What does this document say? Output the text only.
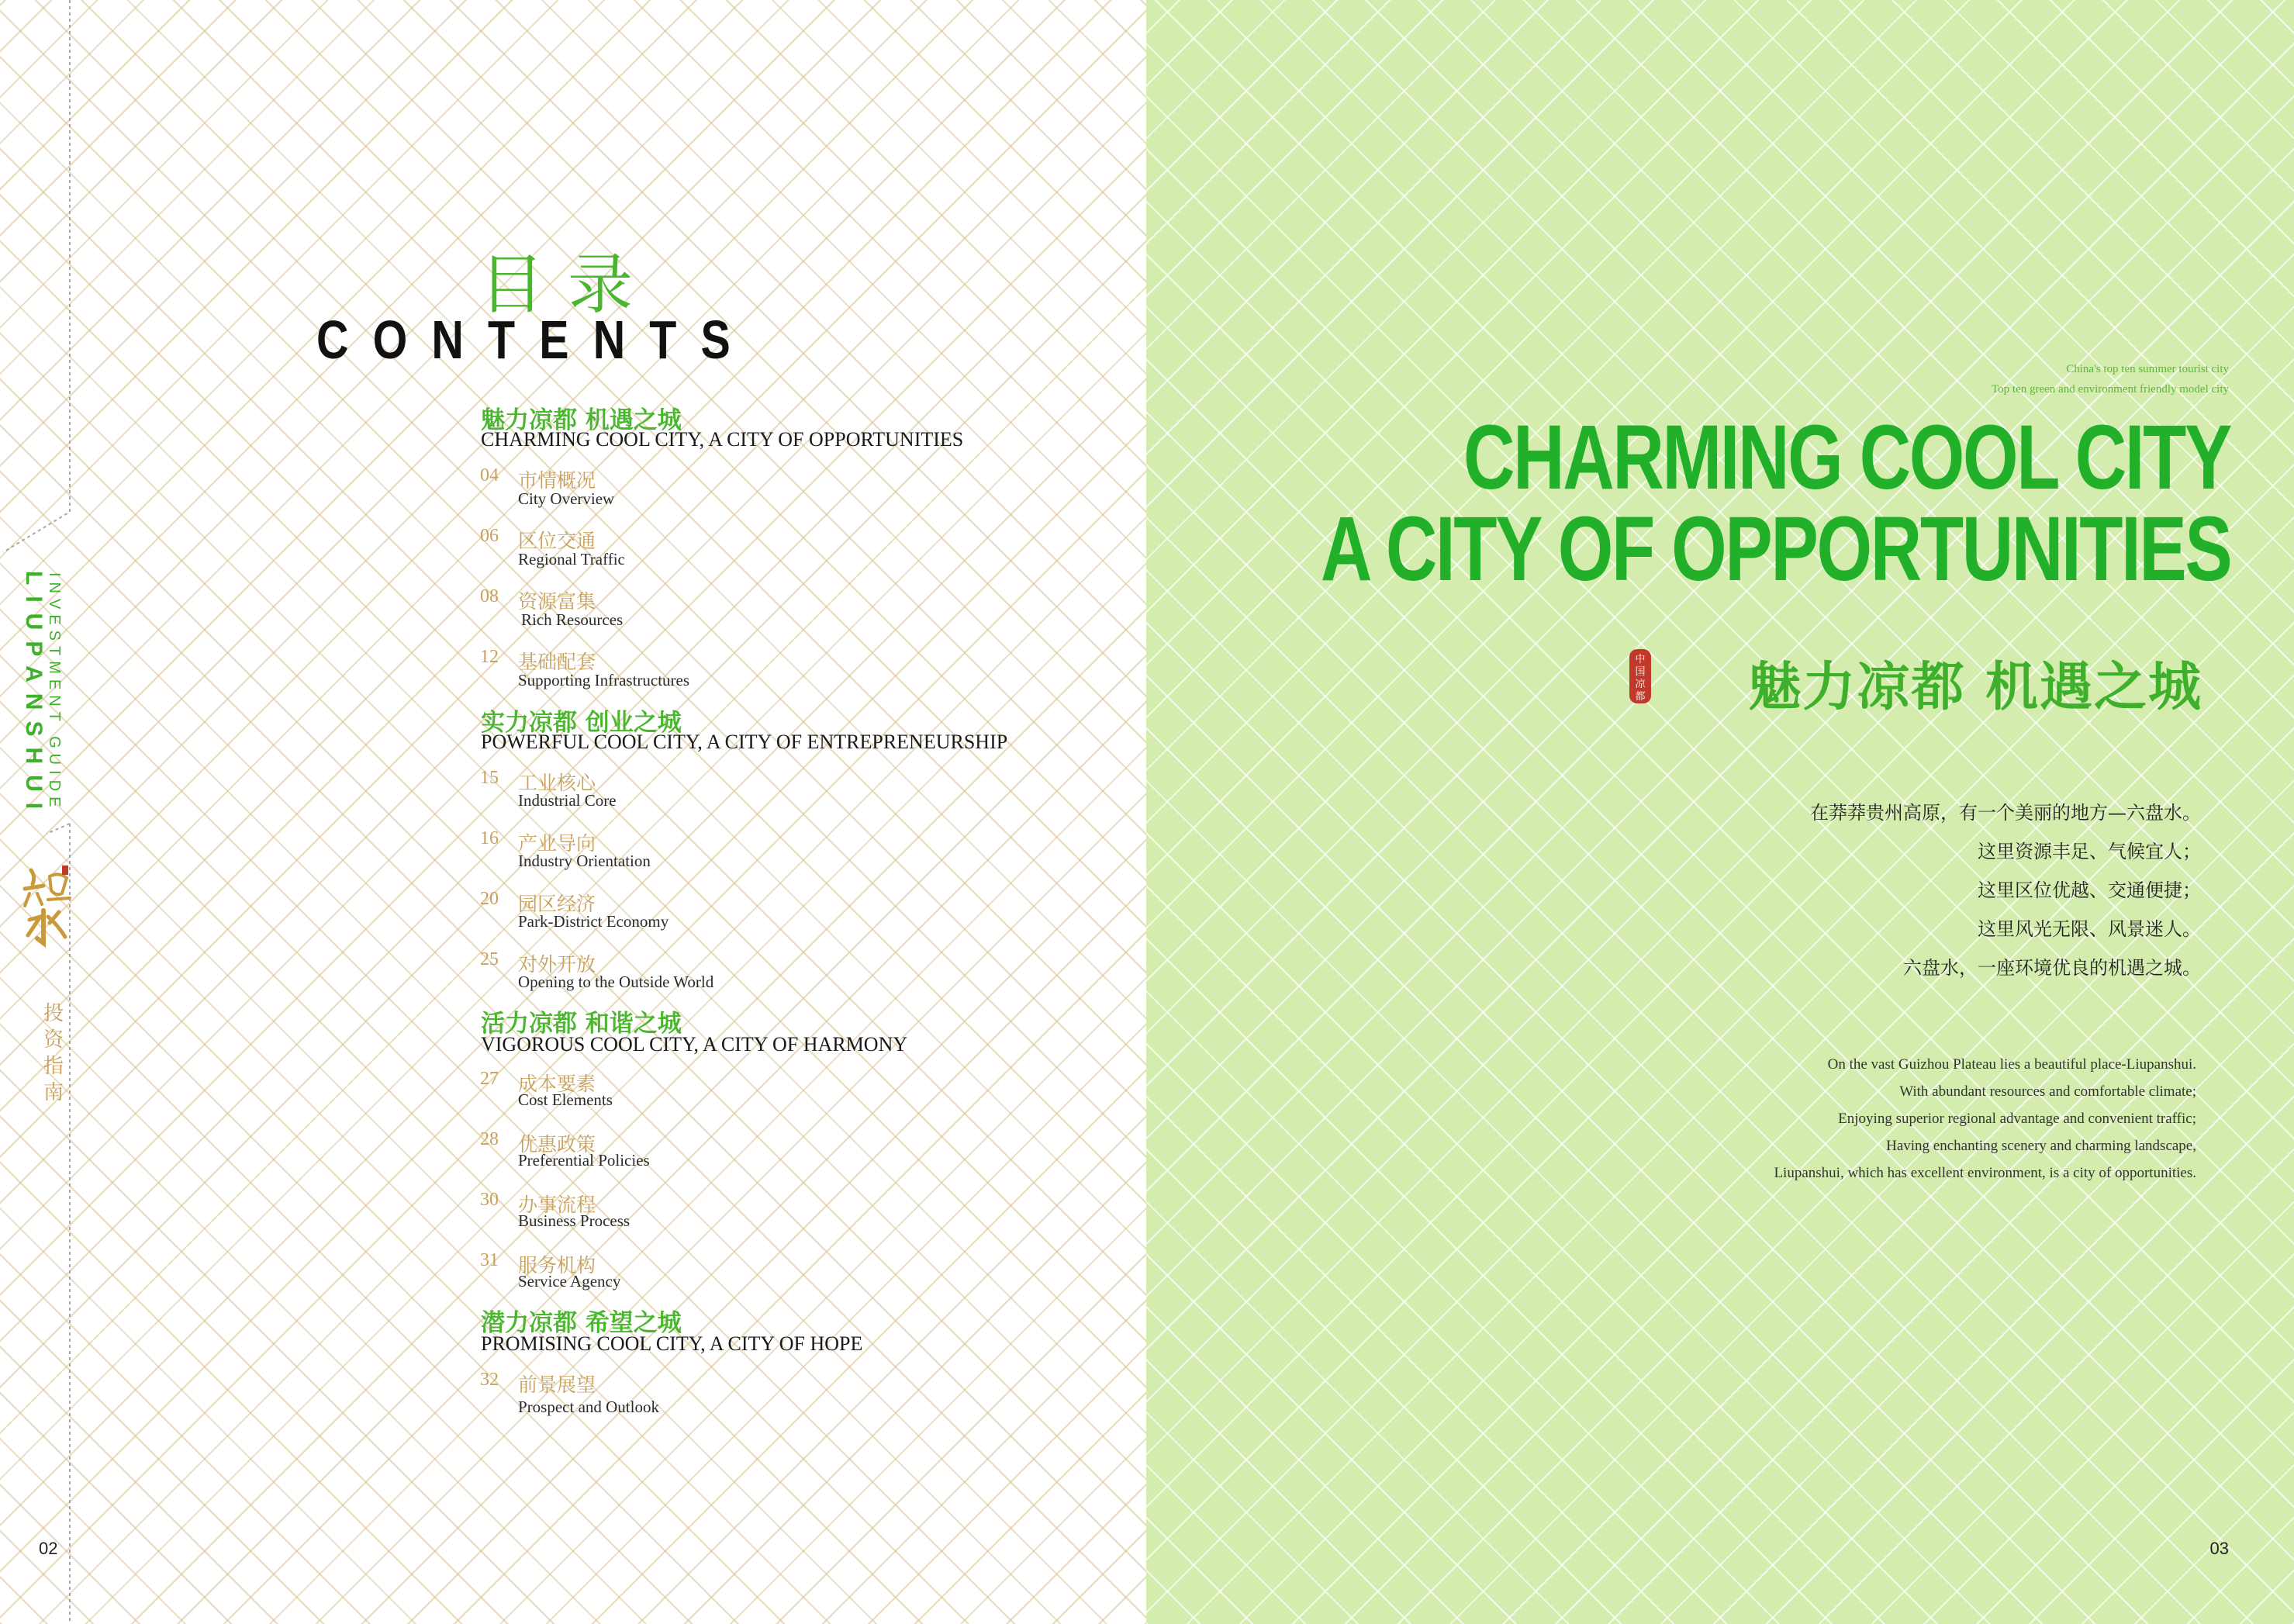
LIUPANSHUI INVESTMENT GUIDE
投
资
指
南
目录
CONTENTS
魅力凉都 机遇之城
CHARMING COOL CITY, A CITY OF OPPORTUNITIES
04 市情概况
City Overview
06 区位交通
Regional Traffic
08 资源富集
Rich Resources
12 基础配套
Supporting Infrastructures
实力凉都 创业之城
POWERFUL COOL CITY, A CITY OF ENTREPRENEURSHIP
15 工业核心
Industrial Core
16 产业导向
Industry Orientation
20 园区经济
Park-District Economy
25 对外开放
Opening to the Outside World
活力凉都 和谐之城
VIGOROUS COOL CITY, A CITY OF HARMONY
27 成本要素
Cost Elements
28 优惠政策
Preferential Policies
30 办事流程
Business Process
31 服务机构
Service Agency
潜力凉都 希望之城
PROMISING COOL CITY, A CITY OF HOPE
32 前景展望
Prospect and Outlook
02
China's top ten summer tourist city
Top ten green and environment friendly model city
CHARMING COOL CITY
A CITY OF OPPORTUNITIES
中
国
凉
都 魅力凉都 机遇之城
在莽莽贵州高原，有一个美丽的地方—六盘水。
这里资源丰足、气候宜人；
这里区位优越、交通便捷；
这里风光无限、风景迷人。
六盘水，一座环境优良的机遇之城。
On the vast Guizhou Plateau lies a beautiful place-Liupanshui.
With abundant resources and comfortable climate;
Enjoying superior regional advantage and convenient traffic;
Having enchanting scenery and charming landscape,
Liupanshui, which has excellent environment, is a city of opportunities.
03
